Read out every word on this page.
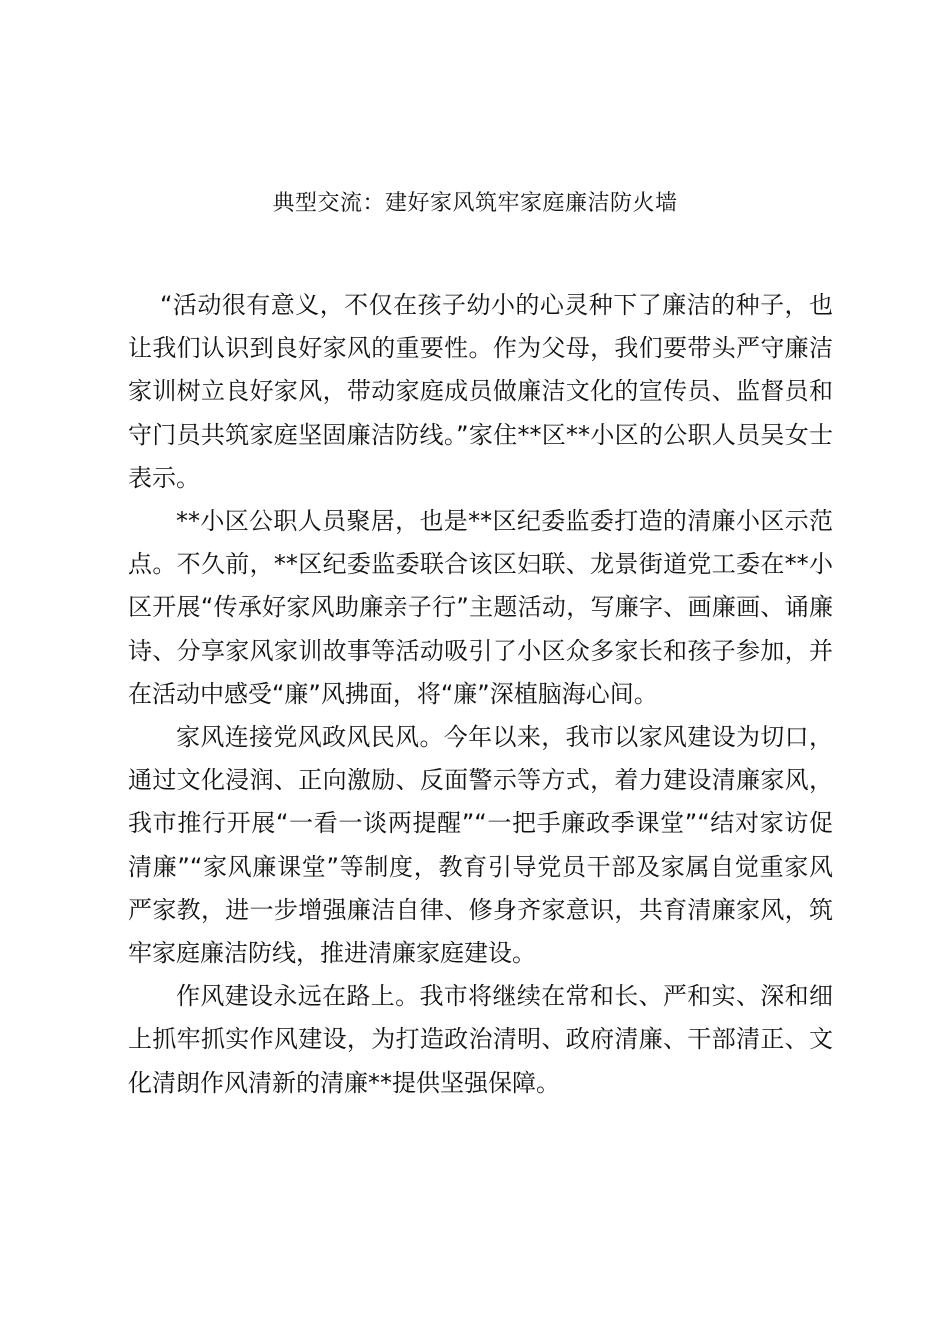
典型交流：建好家风筑牢家庭廉洁防火墙

“活动很有意义，不仅在孩子幼小的心灵种下了廉洁的种子，也让我们认识到良好家风的重要性。作为父母，我们要带头严守廉洁家训树立良好家风，带动家庭成员做廉洁文化的宣传员、监督员和守门员共筑家庭坚固廉洁防线。”家住**区**小区的公职人员吴女士表示。

**小区公职人员聚居，也是**区纪委监委打造的清廉小区示范点。不久前，**区纪委监委联合该区妇联、龙景街道党工委在**小区开展“传承好家风助廉亲子行”主题活动，写廉字、画廉画、诵廉诗、分享家风家训故事等活动吸引了小区众多家长和孩子参加，并在活动中感受“廉”风拂面，将“廉”深植脑海心间。

家风连接党风政风民风。今年以来，我市以家风建设为切口，通过文化浸润、正向激励、反面警示等方式，着力建设清廉家风，我市推行开展“一看一谈两提醒”“一把手廉政季课堂”“结对家访促清廉”“家风廉课堂”等制度，教育引导党员干部及家属自觉重家风严家教，进一步增强廉洁自律、修身齐家意识，共育清廉家风，筑牢家庭廉洁防线，推进清廉家庭建设。

作风建设永远在路上。我市将继续在常和长、严和实、深和细上抓牢抓实作风建设，为打造政治清明、政府清廉、干部清正、文化清朗作风清新的清廉**提供坚强保障。
